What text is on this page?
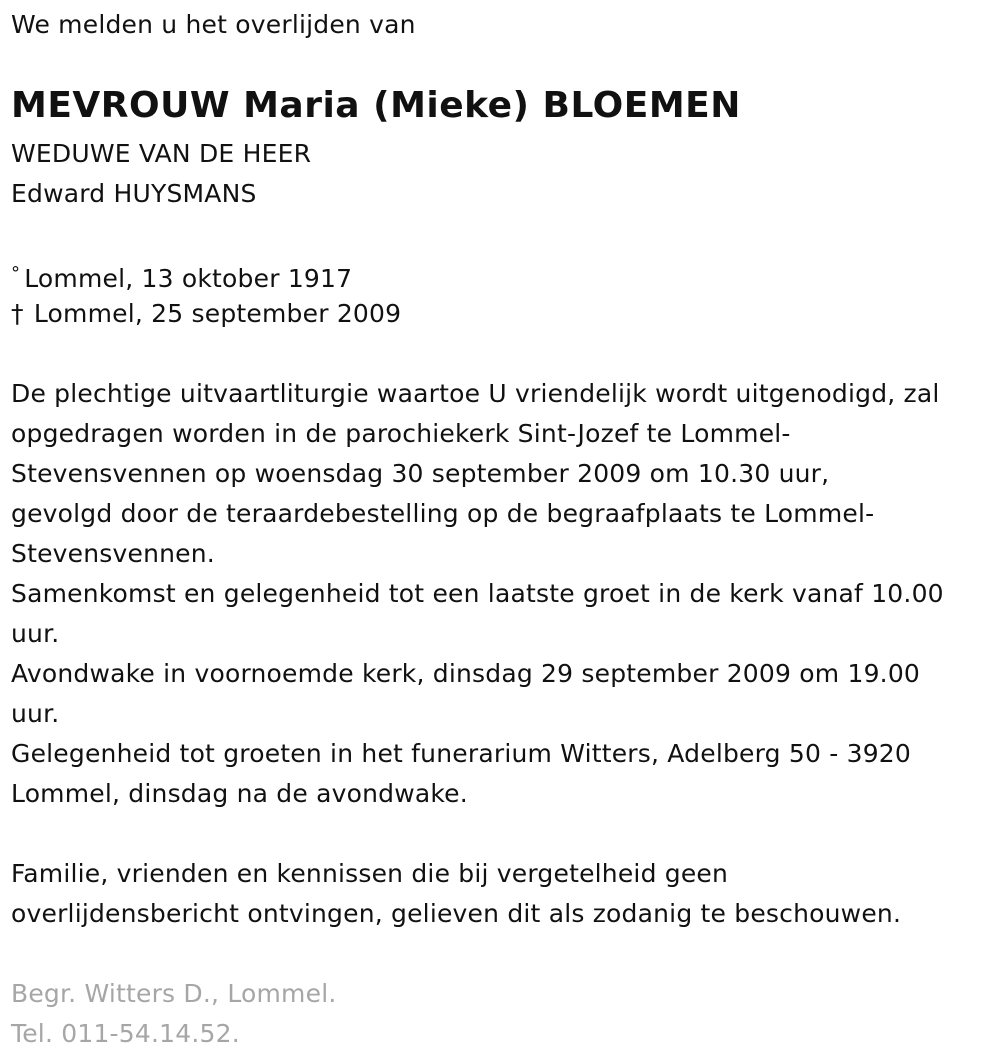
We melden u het overlijden van
MEVROUW Maria (Mieke) BLOEMEN
WEDUWE VAN DE HEER
Edward HUYSMANS
° Lommel, 13 oktober 1917
† Lommel, 25 september 2009
De plechtige uitvaartliturgie waartoe U vriendelijk wordt uitgenodigd, zal
opgedragen worden in de parochiekerk Sint-Jozef te Lommel-
Stevensvennen op woensdag 30 september 2009 om 10.30 uur,
gevolgd door de teraardebestelling op de begraafplaats te Lommel-
Stevensvennen.
Samenkomst en gelegenheid tot een laatste groet in de kerk vanaf 10.00
uur.
Avondwake in voornoemde kerk, dinsdag 29 september 2009 om 19.00
uur.
Gelegenheid tot groeten in het funerarium Witters, Adelberg 50 - 3920
Lommel, dinsdag na de avondwake.
Familie, vrienden en kennissen die bij vergetelheid geen
overlijdensbericht ontvingen, gelieven dit als zodanig te beschouwen.
Begr. Witters D., Lommel.
Tel. 011-54.14.52.
